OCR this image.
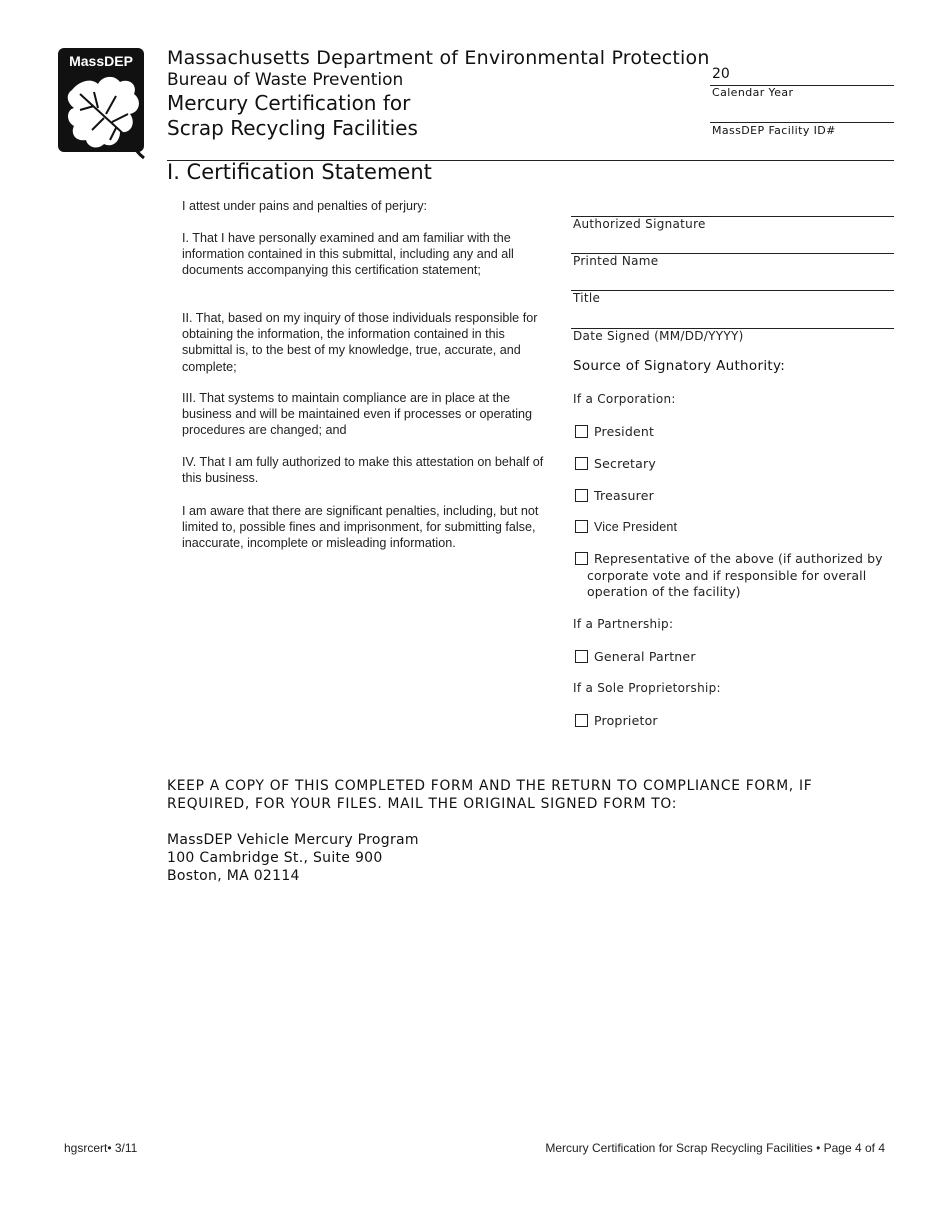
MassDEP Massachusetts Department of Environmental Protection
Bureau of Waste Prevention
Mercury Certification for
Scrap Recycling Facilities
20
Calendar Year
MassDEP Facility ID#
I. Certification Statement
I attest under pains and penalties of perjury:
I. That I have personally examined and am familiar with the information contained in this submittal, including any and all documents accompanying this certification statement;
II. That, based on my inquiry of those individuals responsible for obtaining the information, the information contained in this submittal is, to the best of my knowledge, true, accurate, and complete;
III. That systems to maintain compliance are in place at the business and will be maintained even if processes or operating procedures are changed; and
IV. That I am fully authorized to make this attestation on behalf of this business.
I am aware that there are significant penalties, including, but not limited to, possible fines and imprisonment, for submitting false, inaccurate, incomplete or misleading information.
Authorized Signature
Printed Name
Title
Date Signed (MM/DD/YYYY)
Source of Signatory Authority:
If a Corporation:
President
Secretary
Treasurer
Vice President
Representative of the above (if authorized by
corporate vote and if responsible for overall
operation of the facility)
If a Partnership:
General Partner
If a Sole Proprietorship:
Proprietor
KEEP A COPY OF THIS COMPLETED FORM AND THE RETURN TO COMPLIANCE FORM, IF
REQUIRED, FOR YOUR FILES. MAIL THE ORIGINAL SIGNED FORM TO:
MassDEP Vehicle Mercury Program
100 Cambridge St., Suite 900
Boston, MA 02114
hgsrcert• 3/11	Mercury Certification for Scrap Recycling Facilities • Page 4 of 4
